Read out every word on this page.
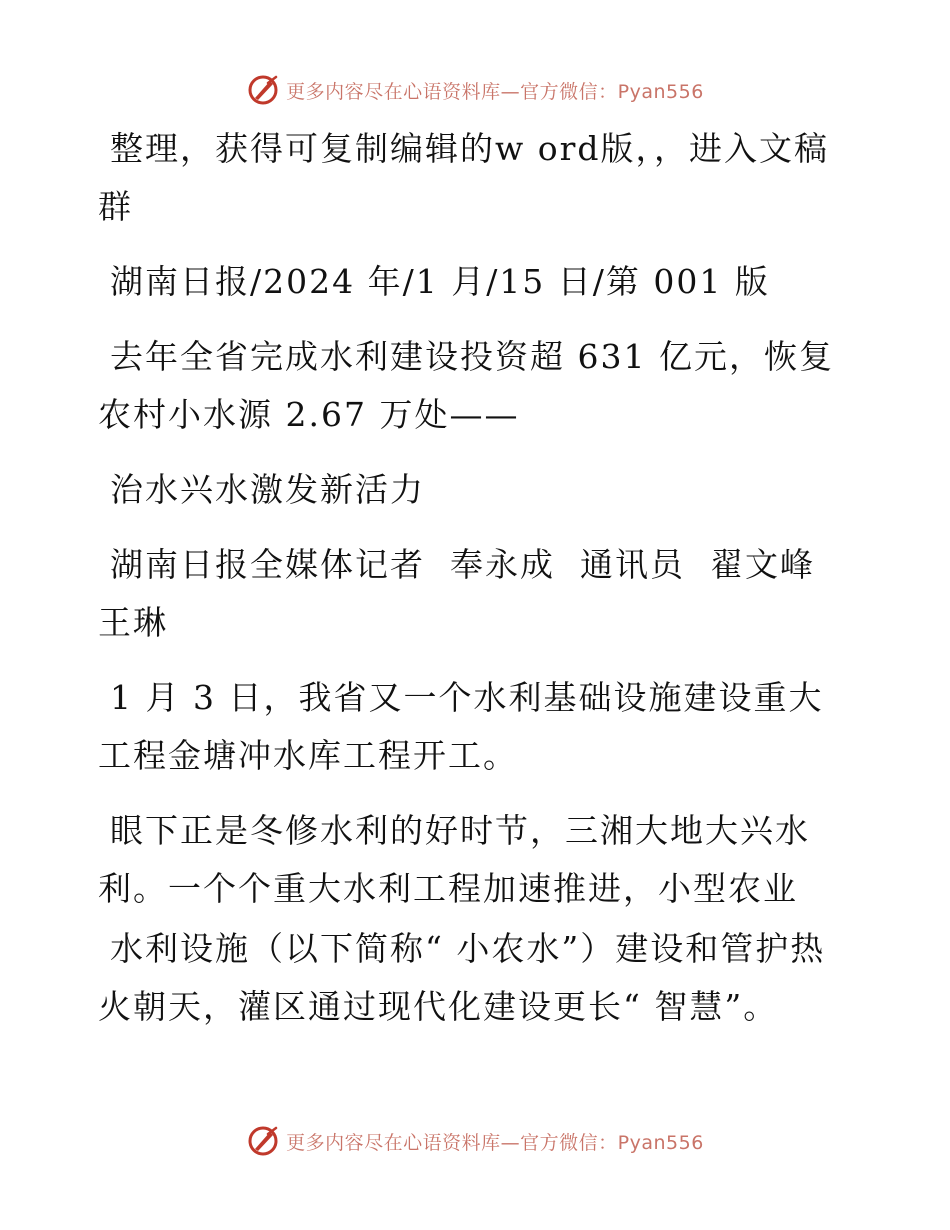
更多内容尽在心语资料库—官方微信：Pyan556

整理，获得可复制编辑的w ord版，，进入文稿群

湖南日报/2024 年/1 月/15 日/第 001 版

去年全省完成水利建设投资超 631 亿元，恢复农村小水源 2.67 万处——

治水兴水激发新活力

湖南日报全媒体记者  奉永成  通讯员  翟文峰  王琳

1 月 3 日，我省又一个水利基础设施建设重大工程金塘冲水库工程开工。

眼下正是冬修水利的好时节，三湘大地大兴水利。一个个重大水利工程加速推进，小型农业

水利设施（以下简称“ 小农水”）建设和管护热火朝天，灌区通过现代化建设更长“ 智慧”。

更多内容尽在心语资料库—官方微信：Pyan556
